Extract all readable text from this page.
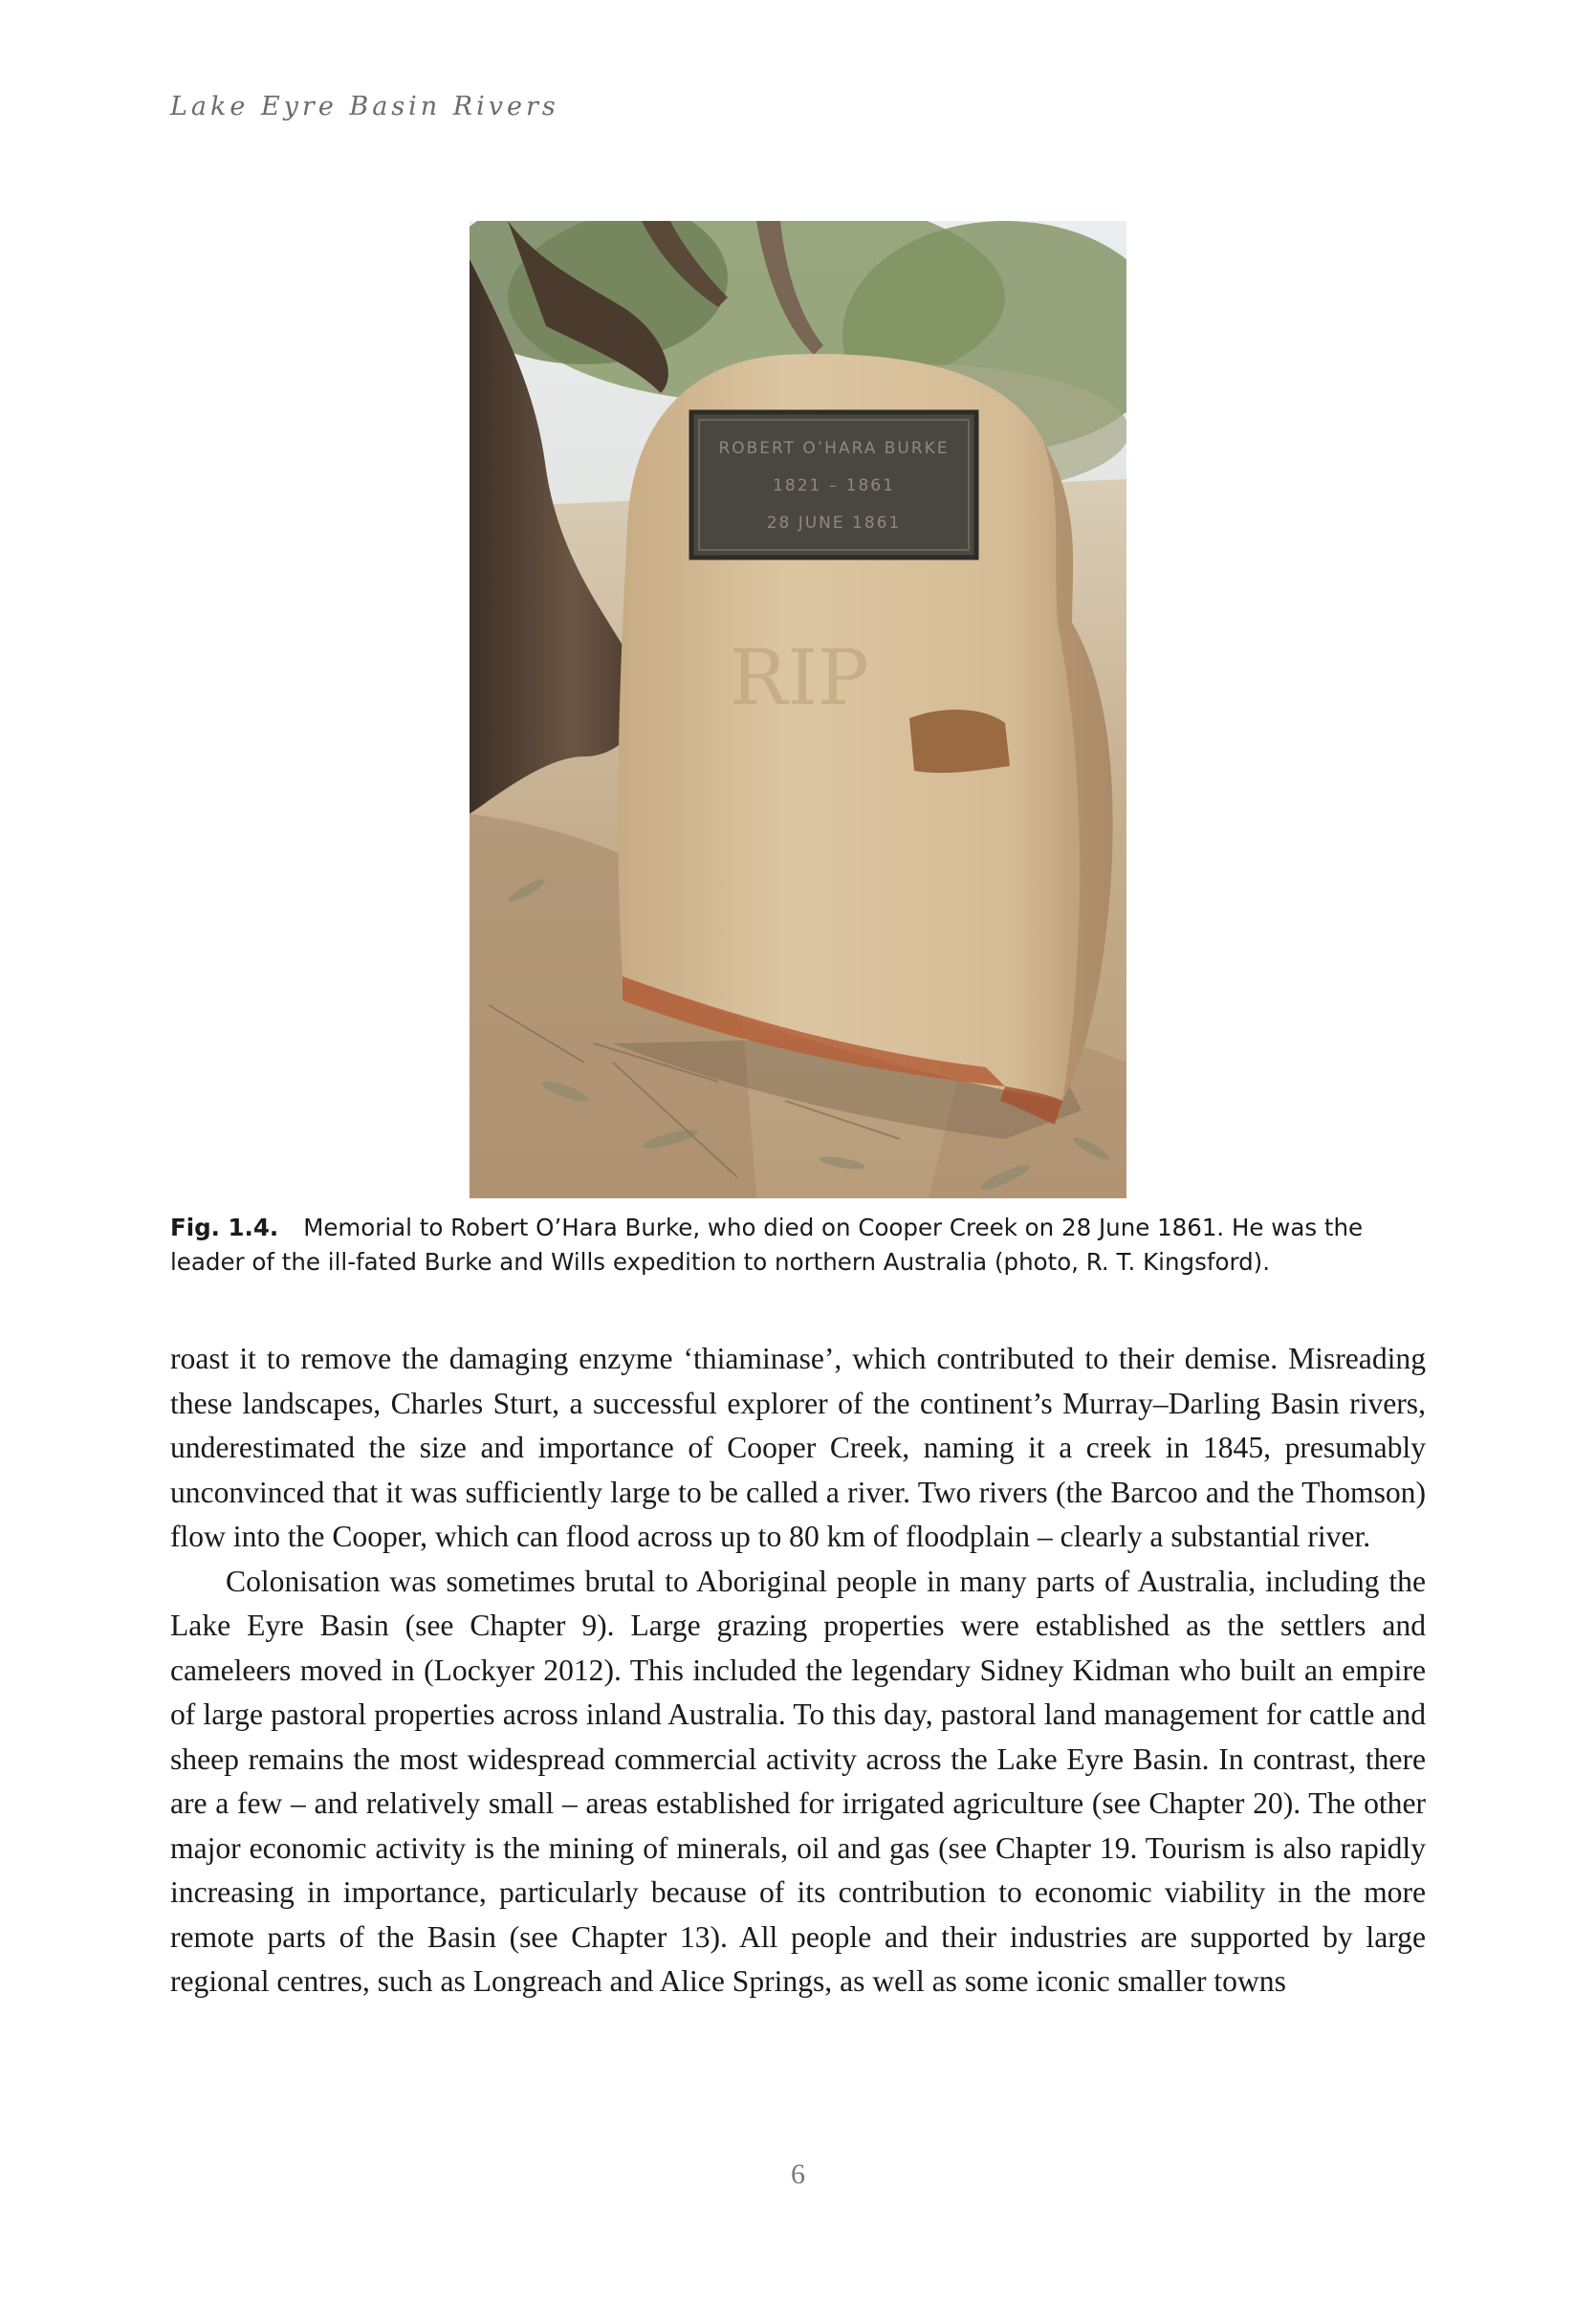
Lake Eyre Basin Rivers
ROBERT O’HARA BURKE
1821 – 1861
28 JUNE 1861
RIP
Fig. 1.4. Memorial to Robert O’Hara Burke, who died on Cooper Creek on 28 June 1861. He was the leader of the ill-fated Burke and Wills expedition to northern Australia (photo, R. T. Kingsford).

roast it to remove the damaging enzyme ‘thiaminase’, which contributed to their demise. Misreading these landscapes, Charles Sturt, a successful explorer of the continent’s Murray–Darling Basin rivers, underestimated the size and importance of Cooper Creek, naming it a creek in 1845, presumably unconvinced that it was sufficiently large to be called a river. Two rivers (the Barcoo and the Thomson) flow into the Cooper, which can flood across up to 80 km of floodplain – clearly a substantial river.

Colonisation was sometimes brutal to Aboriginal people in many parts of Australia, including the Lake Eyre Basin (see Chapter 9). Large grazing properties were established as the settlers and cameleers moved in (Lockyer 2012). This included the legendary Sidney Kidman who built an empire of large pastoral properties across inland Australia. To this day, pastoral land management for cattle and sheep remains the most widespread commercial activity across the Lake Eyre Basin. In contrast, there are a few – and relatively small – areas established for irrigated agriculture (see Chapter 20). The other major economic activity is the mining of minerals, oil and gas (see Chapter 19. Tourism is also rapidly increasing in importance, particularly because of its contribution to economic viability in the more remote parts of the Basin (see Chapter 13). All people and their industries are supported by large regional centres, such as Longreach and Alice Springs, as well as some iconic smaller towns

6
